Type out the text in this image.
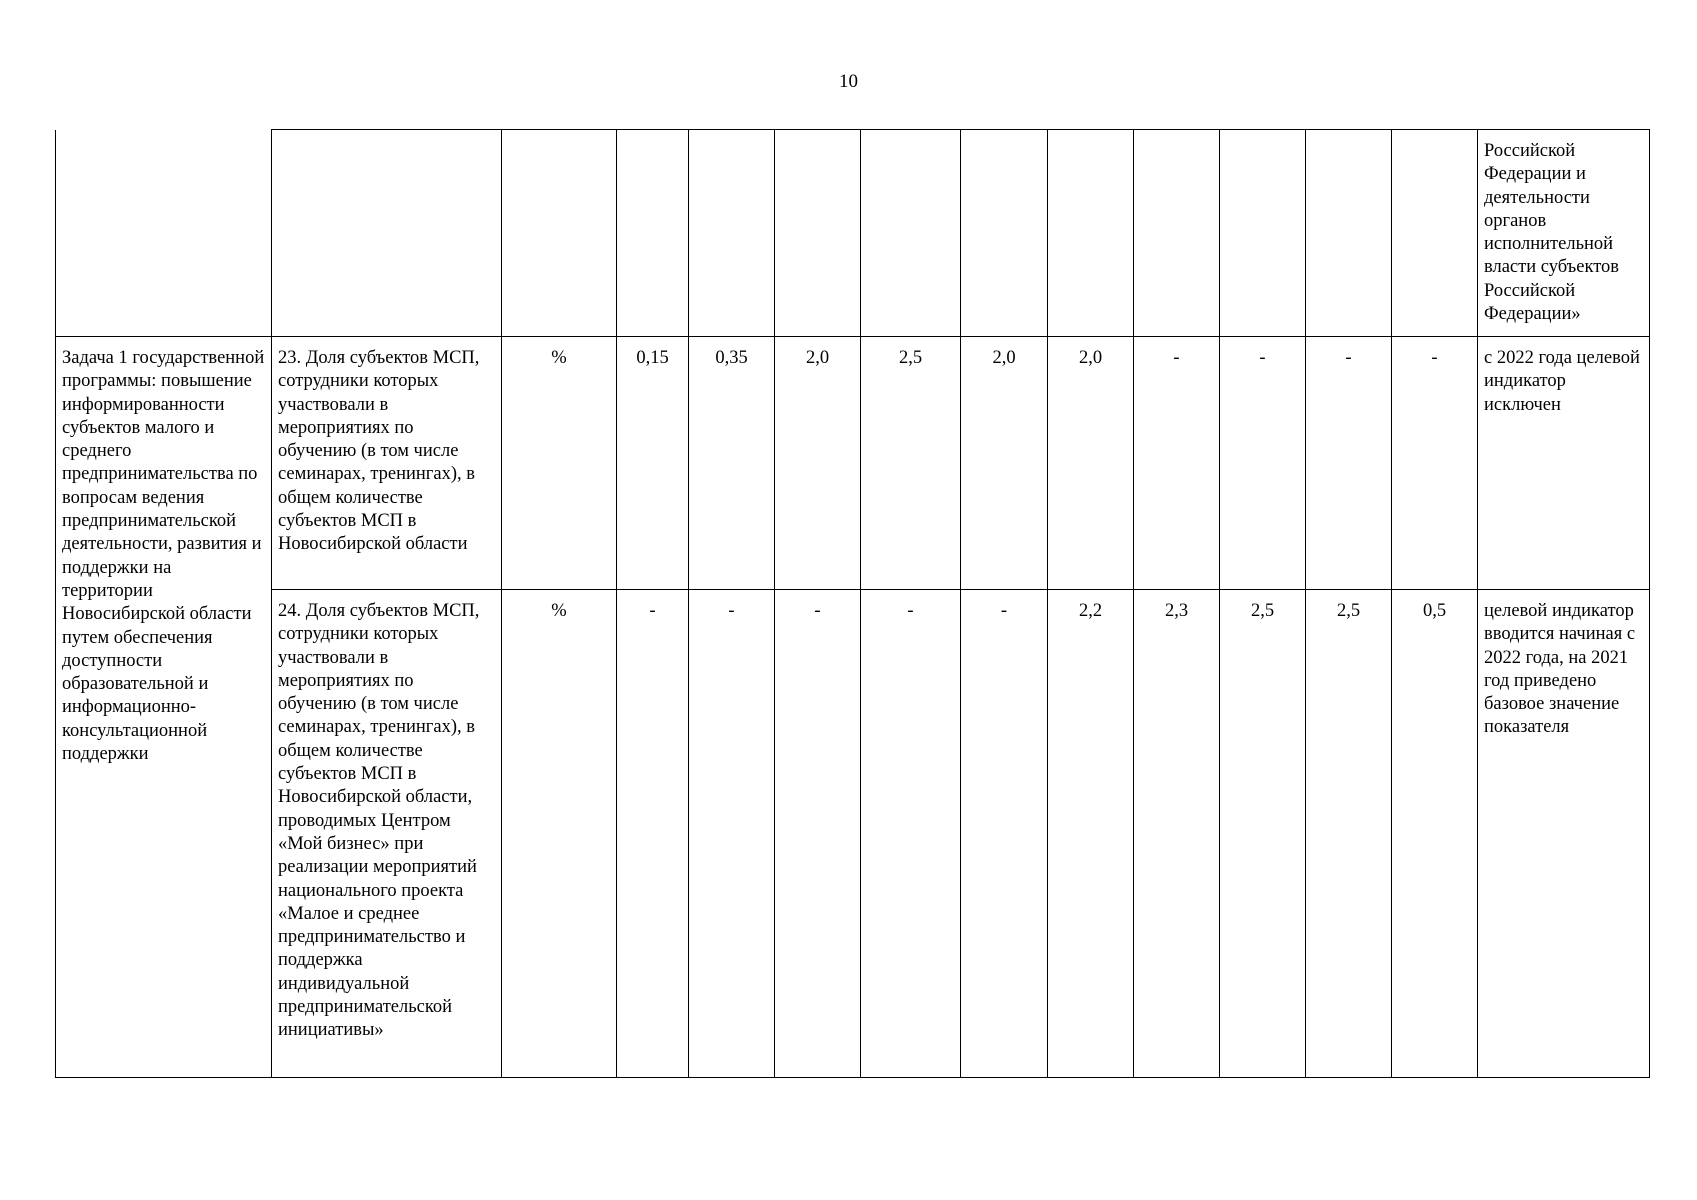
10
													Российской Федерации и деятельности органов исполнительной власти субъектов Российской Федерации»
Задача 1 государственной программы: повышение информированности субъектов малого и среднего предпринимательства по вопросам ведения предпринимательской деятельности, развития и поддержки на территории Новосибирской области путем обеспечения доступности образовательной и информационно-консультационной поддержки	23. Доля субъектов МСП, сотрудники которых участвовали в мероприятиях по обучению (в том числе семинарах, тренингах), в общем количестве субъектов МСП в Новосибирской области	%	0,15	0,35	2,0	2,5	2,0	2,0	-	-	-	-	с 2022 года целевой индикатор исключен
	24. Доля субъектов МСП, сотрудники которых участвовали в мероприятиях по обучению (в том числе семинарах, тренингах), в общем количестве субъектов МСП в Новосибирской области, проводимых Центром «Мой бизнес» при реализации мероприятий национального проекта «Малое и среднее предпринимательство и поддержка индивидуальной предпринимательской инициативы»	%	-	-	-	-	-	2,2	2,3	2,5	2,5	0,5	целевой индикатор вводится начиная с 2022 года, на 2021 год приведено базовое значение показателя
